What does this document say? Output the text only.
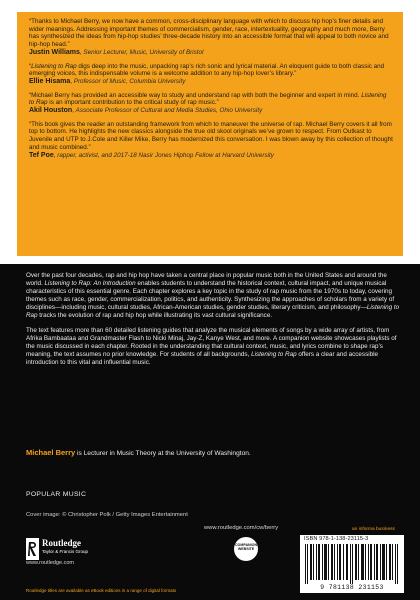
“Thanks to Michael Berry, we now have a common, cross-disciplinary language with which to discuss hip hop’s finer details and wider meanings. Addressing important themes of commercialism, gender, race, intertextuality, geography and much more, Berry has synthesized the ideas from hip-hop studies’ three-decade history into an accessible format that will appeal to both novice and hip-hop head.”
Justin Williams, Senior Lecturer, Music, University of Bristol
“Listening to Rap digs deep into the music, unpacking rap’s rich sonic and lyrical material. An eloquent guide to both classic and emerging voices, this indispensable volume is a welcome addition to any hip-hop lover’s library.”
Ellie Hisama, Professor of Music, Columbia University
“Michael Berry has provided an accessible way to study and understand rap with both the beginner and expert in mind. Listening to Rap is an important contribution to the critical study of rap music.”
Akil Houston, Associate Professor of Cultural and Media Studies, Ohio University
“This book gives the reader an outstanding framework from which to maneuver the universe of rap. Michael Berry covers it all from top to bottom. He highlights the new classics alongside the true old skool originals we’ve grown to respect. From Outkast to Juvenile and UTP to J.Cole and Killer Mike, Berry has modernized this conversation. I was blown away by this collection of thought and music combined.”
Tef Poe, rapper, activist, and 2017-18 Nasir Jones Hiphop Fellow at Harvard University

Over the past four decades, rap and hip hop have taken a central place in popular music both in the United States and around the world. Listening to Rap: An Introduction enables students to understand the historical context, cultural impact, and unique musical characteristics of this essential genre. Each chapter explores a key topic in the study of rap music from the 1970s to today, covering themes such as race, gender, commercialization, politics, and authenticity. Synthesizing the approaches of scholars from a variety of disciplines—including music, cultural studies, African-American studies, gender studies, literary criticism, and philosophy—Listening to Rap tracks the evolution of rap and hip hop while illustrating its vast cultural significance.

The text features more than 60 detailed listening guides that analyze the musical elements of songs by a wide array of artists, from Afrika Bambaataa and Grandmaster Flash to Nicki Minaj, Jay-Z, Kanye West, and more. A companion website showcases playlists of the music discussed in each chapter. Rooted in the understanding that cultural context, music, and lyrics combine to shape rap’s meaning, the text assumes no prior knowledge. For students of all backgrounds, Listening to Rap offers a clear and accessible introduction to this vital and influential music.

Michael Berry is Lecturer in Music Theory at the University of Washington.
POPULAR MUSIC
Cover image: © Christopher Polk / Getty Images Entertainment
www.routledge.com/cw/berry
Routledge
Taylor & Francis Group
www.routledge.com
COMPANION WEBSITE
an informa business
ISBN 978-1-138-23115-3
9 781138 231153
Routledge titles are available as eBook editions in a range of digital formats
